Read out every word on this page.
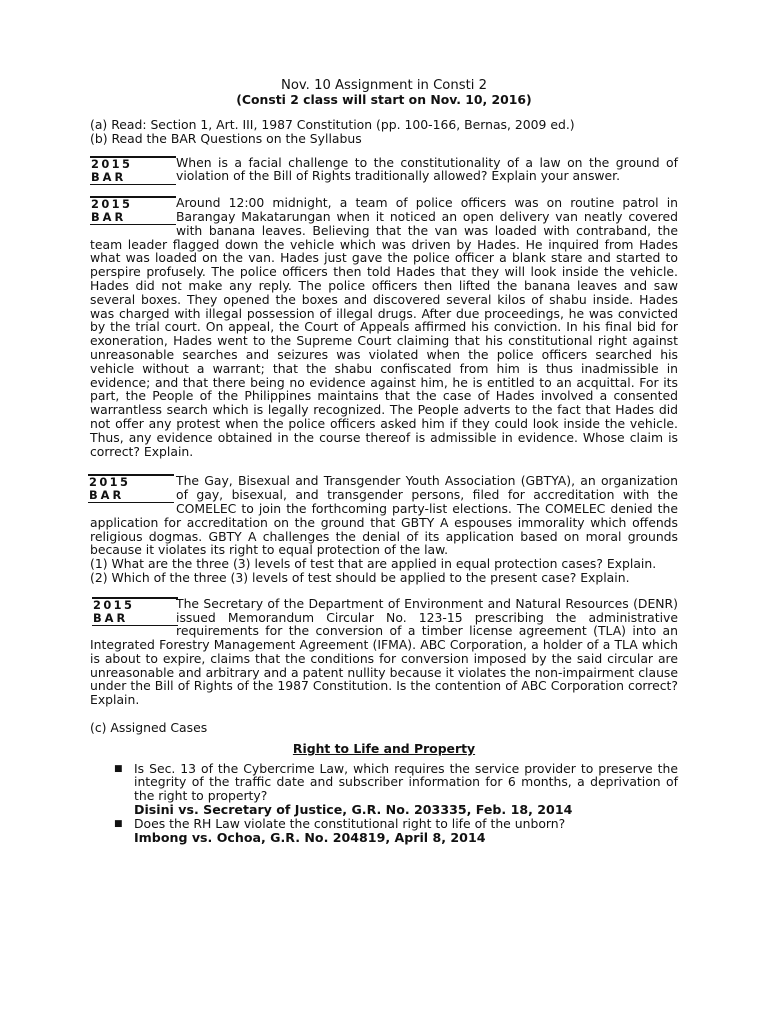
Nov. 10 Assignment in Consti 2
(Consti 2 class will start on Nov. 10, 2016)

(a) Read: Section 1, Art. III, 1987 Constitution (pp. 100-166, Bernas, 2009 ed.)

(b) Read the BAR Questions on the Syllabus

2015
BAR

When is a facial challenge to the constitutionality of a law on the ground of violation of the Bill of Rights traditionally allowed? Explain your answer.

2015
BAR

Around 12:00 midnight, a team of police officers was on routine patrol in Barangay Makatarungan when it noticed an open delivery van neatly covered with banana leaves. Believing that the van was loaded with contraband, the team leader flagged down the vehicle which was driven by Hades. He inquired from Hades what was loaded on the van. Hades just gave the police officer a blank stare and started to perspire profusely. The police officers then told Hades that they will look inside the vehicle. Hades did not make any reply. The police officers then lifted the banana leaves and saw several boxes. They opened the boxes and discovered several kilos of shabu inside. Hades was charged with illegal possession of illegal drugs. After due proceedings, he was convicted by the trial court. On appeal, the Court of Appeals affirmed his conviction. In his final bid for exoneration, Hades went to the Supreme Court claiming that his constitutional right against unreasonable searches and seizures was violated when the police officers searched his vehicle without a warrant; that the shabu confiscated from him is thus inadmissible in evidence; and that there being no evidence against him, he is entitled to an acquittal. For its part, the People of the Philippines maintains that the case of Hades involved a consented warrantless search which is legally recognized. The People adverts to the fact that Hades did not offer any protest when the police officers asked him if they could look inside the vehicle. Thus, any evidence obtained in the course thereof is admissible in evidence. Whose claim is correct? Explain.

2015
BAR

The Gay, Bisexual and Transgender Youth Association (GBTYA), an organization of gay, bisexual, and transgender persons, filed for accreditation with the COMELEC to join the forthcoming party-list elections. The COMELEC denied the application for accreditation on the ground that GBTY A espouses immorality which offends religious dogmas. GBTY A challenges the denial of its application based on moral grounds because it violates its right to equal protection of the law.

(1) What are the three (3) levels of test that are applied in equal protection cases? Explain.

(2) Which of the three (3) levels of test should be applied to the present case? Explain.

2015
BAR

The Secretary of the Department of Environment and Natural Resources (DENR) issued Memorandum Circular No. 123-15 prescribing the administrative requirements for the conversion of a timber license agreement (TLA) into an Integrated Forestry Management Agreement (IFMA). ABC Corporation, a holder of a TLA which is about to expire, claims that the conditions for conversion imposed by the said circular are unreasonable and arbitrary and a patent nullity because it violates the non-impairment clause under the Bill of Rights of the 1987 Constitution. Is the contention of ABC Corporation correct? Explain.

(c) Assigned Cases
Right to Life and Property
■ Is Sec. 13 of the Cybercrime Law, which requires the service provider to preserve the integrity of the traffic date and subscriber information for 6 months, a deprivation of the right to property?
Disini vs. Secretary of Justice, G.R. No. 203335, Feb. 18, 2014
■ Does the RH Law violate the constitutional right to life of the unborn?
Imbong vs. Ochoa, G.R. No. 204819, April 8, 2014
